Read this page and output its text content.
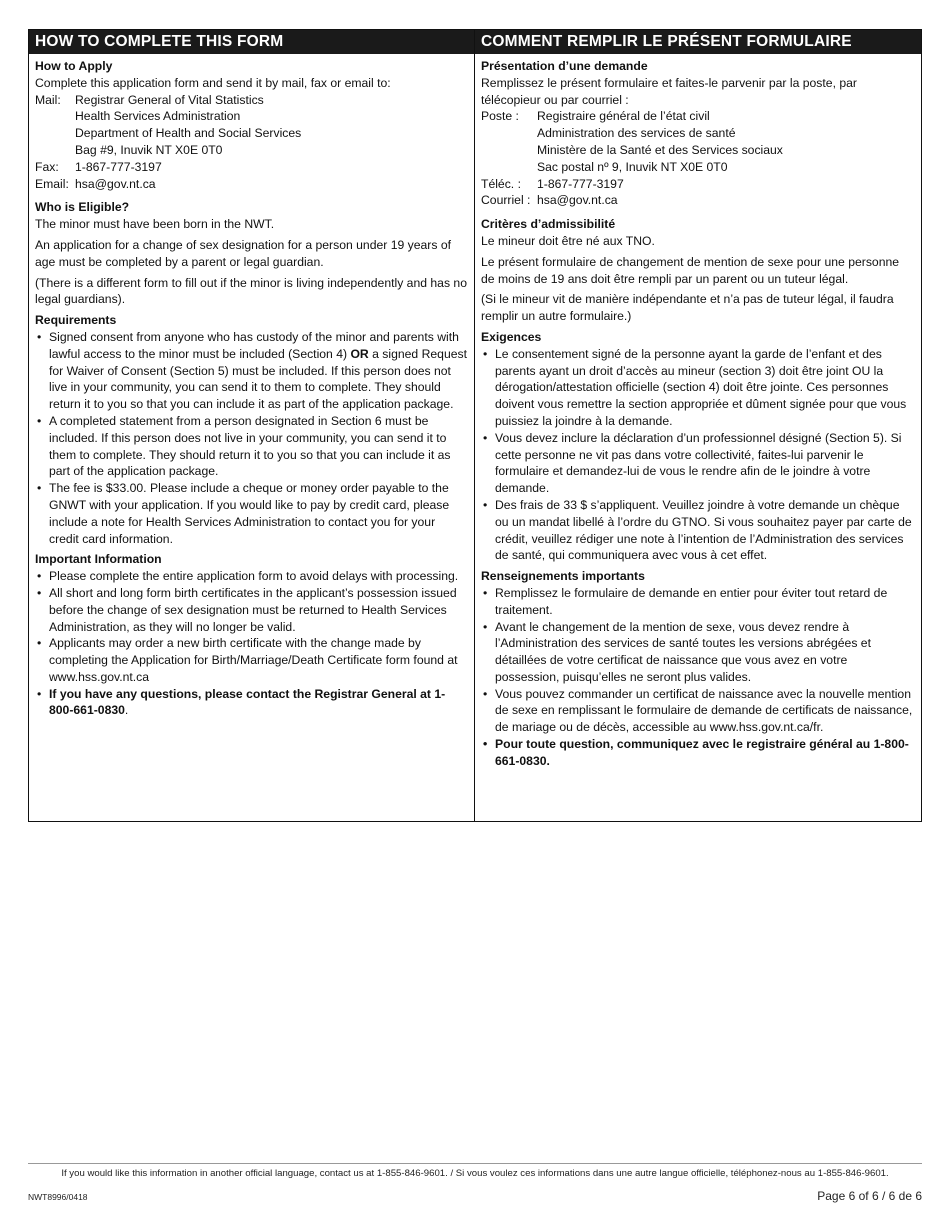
HOW TO COMPLETE THIS FORM
How to Apply
Complete this application form and send it by mail, fax or email to:
Mail:	Registrar General of Vital Statistics
Health Services Administration
Department of Health and Social Services
Bag #9, Inuvik NT X0E 0T0
Fax:	1-867-777-3197
Email: hsa@gov.nt.ca
Who is Eligible?

The minor must have been born in the NWT.

An application for a change of sex designation for a person under 19 years of age must be completed by a parent or legal guardian.

(There is a different form to fill out if the minor is living independently and has no legal guardians).

Requirements
• Signed consent from anyone who has custody of the minor and parents with lawful access to the minor must be included (Section 4) OR a signed Request for Waiver of Consent (Section 5) must be included. If this person does not live in your community, you can send it to them to complete. They should return it to you so that you can include it as part of the application package.
• A completed statement from a person designated in Section 6 must be included. If this person does not live in your community, you can send it to them to complete. They should return it to you so that you can include it as part of the application package.
• The fee is $33.00. Please include a cheque or money order payable to the GNWT with your application. If you would like to pay by credit card, please include a note for Health Services Administration to contact you for your credit card information.
Important Information
• Please complete the entire application form to avoid delays with processing.
• All short and long form birth certificates in the applicant’s possession issued before the change of sex designation must be returned to Health Services Administration, as they will no longer be valid.
• Applicants may order a new birth certificate with the change made by completing the Application for Birth/Marriage/Death Certificate form found at www.hss.gov.nt.ca
• If you have any questions, please contact the Registrar General at 1-800-661-0830.
COMMENT REMPLIR LE PRÉSENT FORMULAIRE
Présentation d’une demande
Remplissez le présent formulaire et faites-le parvenir par la poste, par télécopieur ou par courriel :
Poste :	Registraire général de l’état civil
Administration des services de santé
Ministère de la Santé et des Services sociaux
Sac postal nº 9, Inuvik NT X0E 0T0
Téléc. :	1-867-777-3197
Courriel : hsa@gov.nt.ca
Critères d’admissibilité

Le mineur doit être né aux TNO.

Le présent formulaire de changement de mention de sexe pour une personne de moins de 19 ans doit être rempli par un parent ou un tuteur légal.

(Si le mineur vit de manière indépendante et n’a pas de tuteur légal, il faudra remplir un autre formulaire.)

Exigences
• Le consentement signé de la personne ayant la garde de l’enfant et des parents ayant un droit d’accès au mineur (section 3) doit être joint OU la dérogation/attestation officielle (section 4) doit être jointe. Ces personnes doivent vous remettre la section appropriée et dûment signée pour que vous puissiez la joindre à la demande.
• Vous devez inclure la déclaration d’un professionnel désigné (Section 5). Si cette personne ne vit pas dans votre collectivité, faites-lui parvenir le formulaire et demandez-lui de vous le rendre afin de le joindre à votre demande.
• Des frais de 33 $ s’appliquent. Veuillez joindre à votre demande un chèque ou un mandat libellé à l’ordre du GTNO. Si vous souhaitez payer par carte de crédit, veuillez rédiger une note à l’intention de l’Administration des services de santé, qui communiquera avec vous à cet effet.
Renseignements importants
• Remplissez le formulaire de demande en entier pour éviter tout retard de traitement.
• Avant le changement de la mention de sexe, vous devez rendre à l’Administration des services de santé toutes les versions abrégées et détaillées de votre certificat de naissance que vous avez en votre possession, puisqu’elles ne seront plus valides.
• Vous pouvez commander un certificat de naissance avec la nouvelle mention de sexe en remplissant le formulaire de demande de certificats de naissance, de mariage ou de décès, accessible au www.hss.gov.nt.ca/fr.
• Pour toute question, communiquez avec le registraire général au 1-800-661-0830.
If you would like this information in another official language, contact us at 1-855-846-9601. / Si vous voulez ces informations dans une autre langue officielle, téléphonez-nous au 1-855-846-9601.
NWT8996/0418	Page 6 of 6 / 6 de 6
